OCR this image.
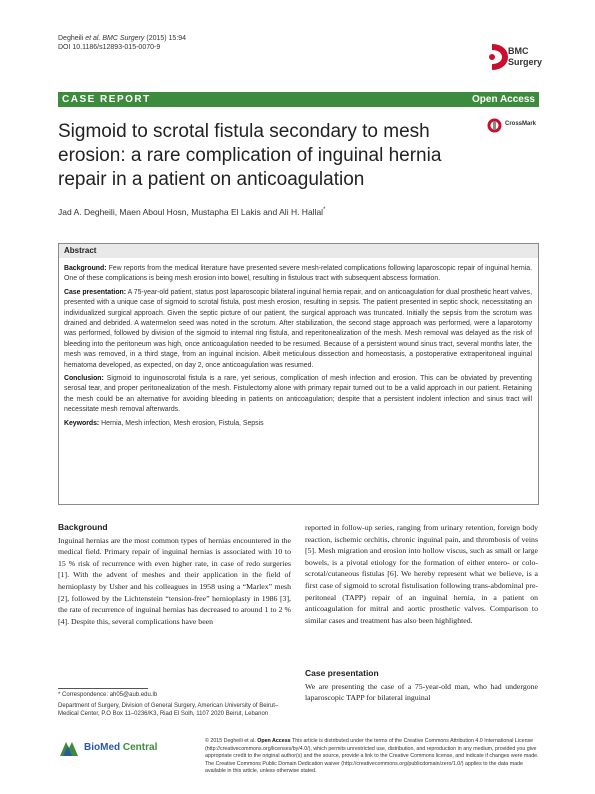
Degheili et al. BMC Surgery (2015) 15:94
DOI 10.1186/s12893-015-0070-9	BMC
Surgery
CASE REPORT	Open Access
Sigmoid to scrotal fistula secondary to mesh erosion: a rare complication of inguinal hernia repair in a patient on anticoagulation
CrossMark
Jad A. Degheili, Maen Aboul Hosn, Mustapha El Lakis and Ali H. Hallal*
Abstract

Background: Few reports from the medical literature have presented severe mesh-related complications following laparoscopic repair of inguinal hernia. One of these complications is being mesh erosion into bowel, resulting in fistulous tract with subsequent abscess formation.

Case presentation: A 75-year-old patient, status post laparoscopic bilateral inguinal hernia repair, and on anticoagulation for dual prosthetic heart valves, presented with a unique case of sigmoid to scrotal fistula, post mesh erosion, resulting in sepsis. The patient presented in septic shock, necessitating an individualized surgical approach. Given the septic picture of our patient, the surgical approach was truncated. Initially the sepsis from the scrotum was drained and debrided. A watermelon seed was noted in the scrotum. After stabilization, the second stage approach was performed, were a laparotomy was performed, followed by division of the sigmoid to internal ring fistula, and reperitonealization of the mesh. Mesh removal was delayed as the risk of bleeding into the peritoneum was high, once anticoagulation needed to be resumed. Because of a persistent wound sinus tract, several months later, the mesh was removed, in a third stage, from an inguinal incision. Albeit meticulous dissection and homeostasis, a postoperative extraperitoneal inguinal hematoma developed, as expected, on day 2, once anticoagulation was resumed.

Conclusion: Sigmoid to inguinoscrotal fistula is a rare, yet serious, complication of mesh infection and erosion. This can be obviated by preventing serosal tear, and proper peritonealization of the mesh. Fistulectomy alone with primary repair turned out to be a valid approach in our patient. Retaining the mesh could be an alternative for avoiding bleeding in patients on anticoagulation; despite that a persistent indolent infection and sinus tract will necessitate mesh removal afterwards.

Keywords: Hernia, Mesh infection, Mesh erosion, Fistula, Sepsis

Background

Inguinal hernias are the most common types of hernias encountered in the medical field. Primary repair of inguinal hernias is associated with 10 to 15 % risk of recurrence with even higher rate, in case of redo surgeries [1]. With the advent of meshes and their application in the field of hernioplasty by Usher and his colleagues in 1958 using a “Marlex” mesh [2], followed by the Lichtenstein “tension-free” hernioplasty in 1986 [3], the rate of recurrence of inguinal hernias has decreased to around 1 to 2 % [4]. Despite this, several complications have been

reported in follow-up series, ranging from urinary retention, foreign body reaction, ischemic orchitis, chronic inguinal pain, and thrombosis of veins [5]. Mesh migration and erosion into hollow viscus, such as small or large bowels, is a pivotal etiology for the formation of either entero- or colo- scrotal/cutaneous fistulas [6]. We hereby represent what we believe, is a first case of sigmoid to scrotal fistulisation following trans-abdominal pre-peritoneal (TAPP) repair of an inguinal hernia, in a patient on anticoagulation for mitral and aortic prosthetic valves. Comparison to similar cases and treatment has also been highlighted.

Case presentation

We are presenting the case of a 75-year-old man, who had undergone laparoscopic TAPP for bilateral inguinal

* Correspondence: ah05@aub.edu.lb

Department of Surgery, Division of General Surgery, American University of Beirut–Medical Center, P.O Box 11–0236/K3, Riad El Solh, 1107 2020 Beirut, Lebanon

BioMed Central
© 2015 Degheili et al. Open Access This article is distributed under the terms of the Creative Commons Attribution 4.0 International License (http://creativecommons.org/licenses/by/4.0/), which permits unrestricted use, distribution, and reproduction in any medium, provided you give appropriate credit to the original author(s) and the source, provide a link to the Creative Commons license, and indicate if changes were made. The Creative Commons Public Domain Dedication waiver (http://creativecommons.org/publicdomain/zero/1.0/) applies to the data made available in this article, unless otherwise stated.
